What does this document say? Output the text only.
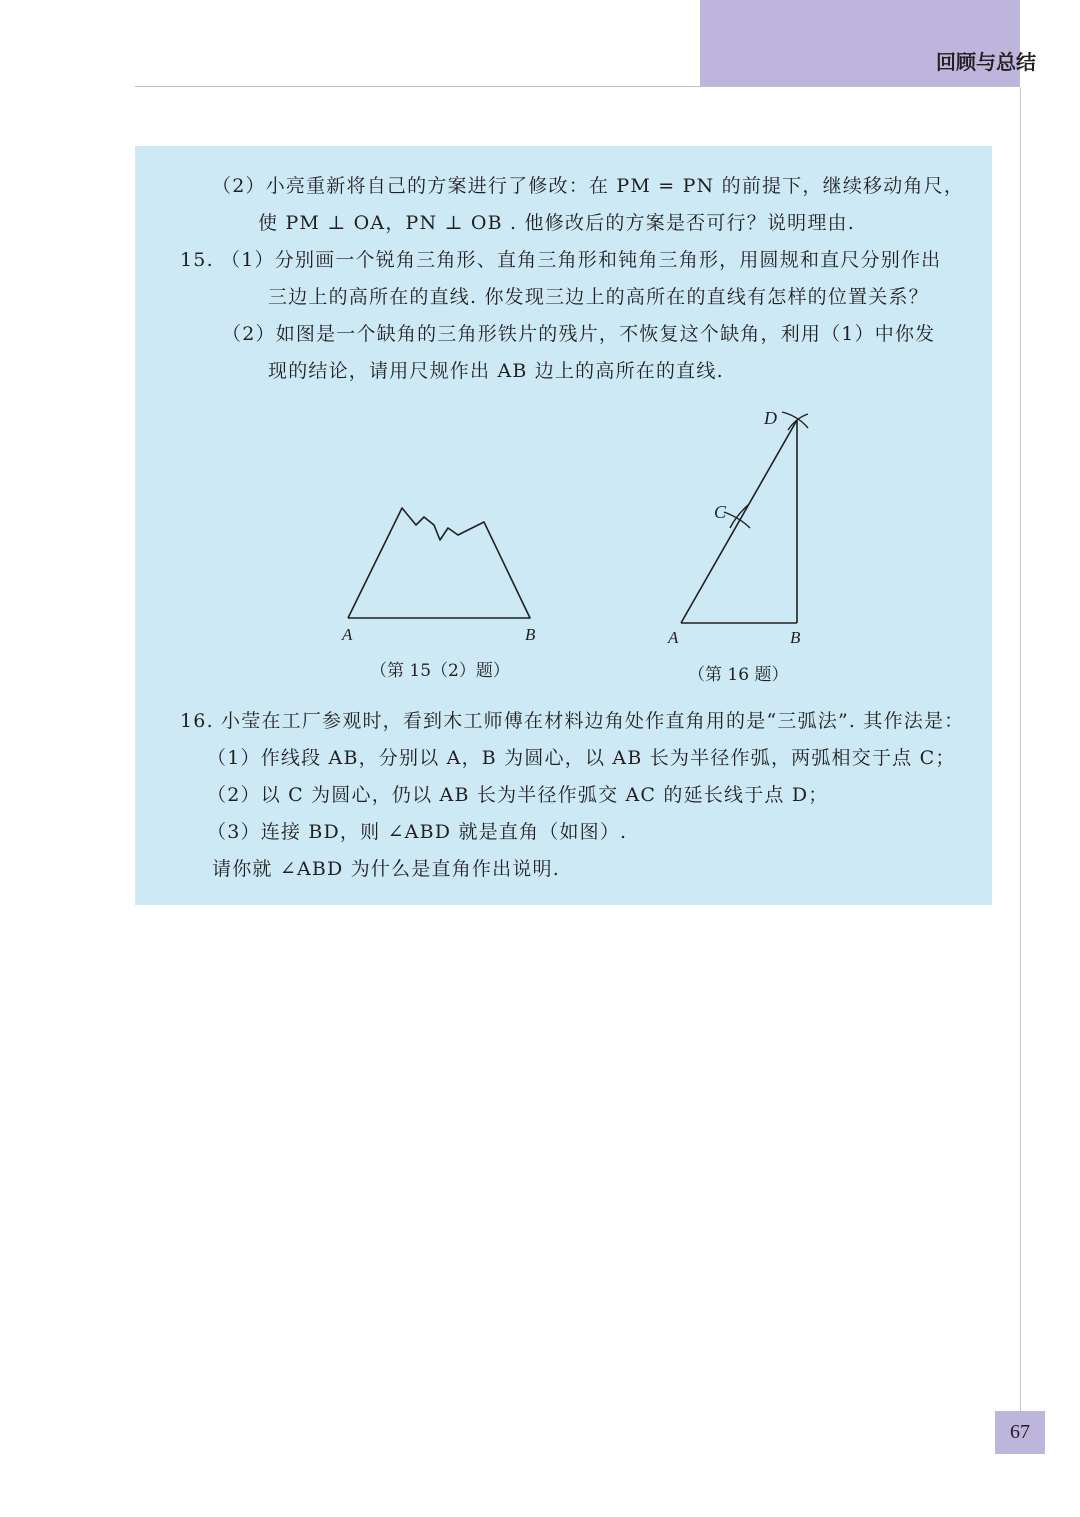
回顾与总结
（2）小亮重新将自己的方案进行了修改：在 PM = PN 的前提下，继续移动角尺，
使 PM ⊥ OA，PN ⊥ OB . 他修改后的方案是否可行？说明理由.
15. （1）分别画一个锐角三角形、直角三角形和钝角三角形，用圆规和直尺分别作出
三边上的高所在的直线. 你发现三边上的高所在的直线有怎样的位置关系？
（2）如图是一个缺角的三角形铁片的残片，不恢复这个缺角，利用（1）中你发
现的结论，请用尺规作出 AB 边上的高所在的直线.
A	B
（第 15（2）题）
D
C
A	B
（第 16 题）
16. 小莹在工厂参观时，看到木工师傅在材料边角处作直角用的是“三弧法”. 其作法是：
（1）作线段 AB，分别以 A，B 为圆心，以 AB 长为半径作弧，两弧相交于点 C；
（2）以 C 为圆心，仍以 AB 长为半径作弧交 AC 的延长线于点 D；
（3）连接 BD，则 ∠ABD 就是直角（如图）.
请你就 ∠ABD 为什么是直角作出说明.
67
